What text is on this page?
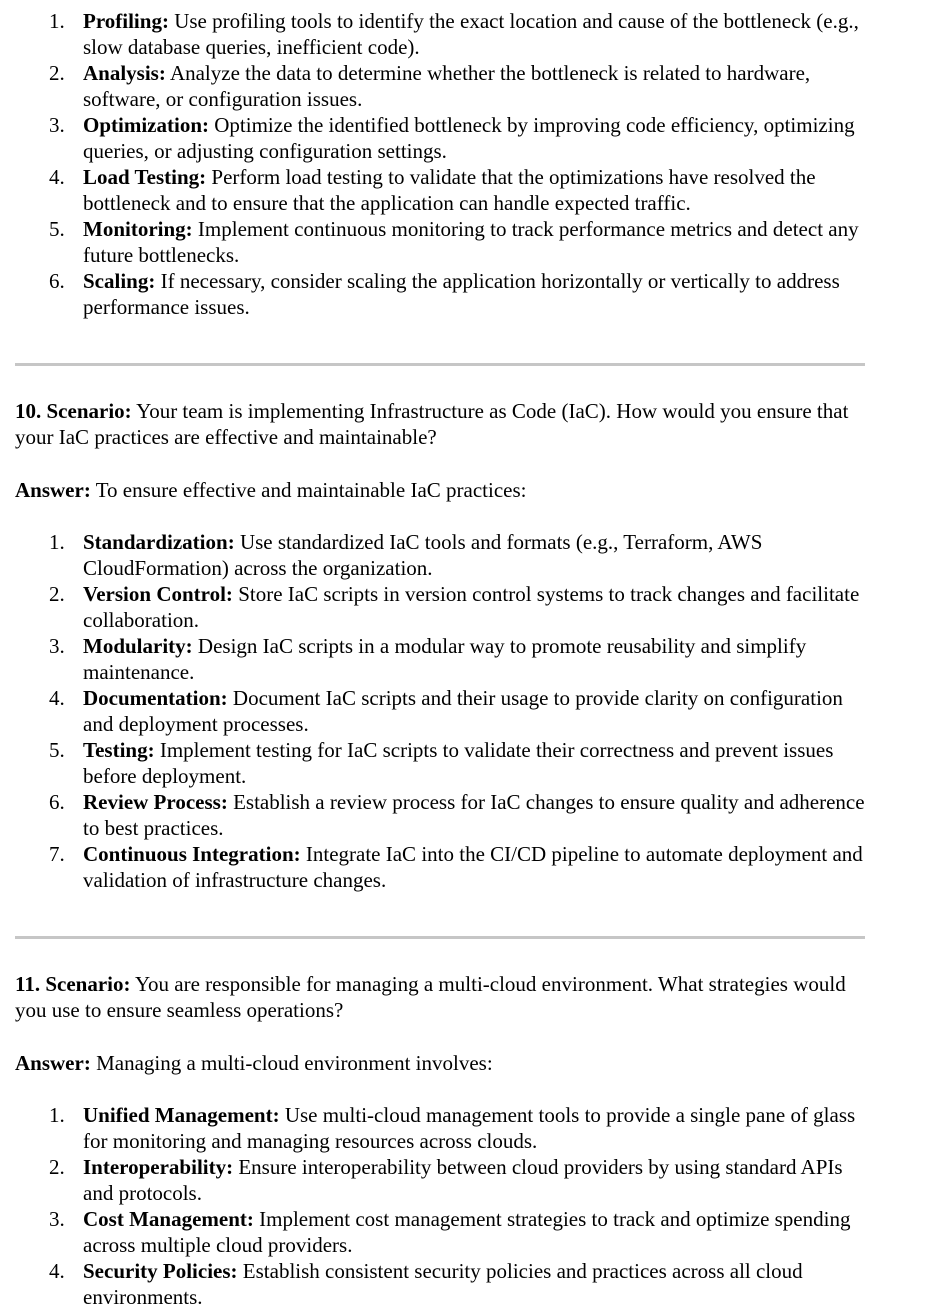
1. Profiling: Use profiling tools to identify the exact location and cause of the bottleneck (e.g., slow database queries, inefficient code).
2. Analysis: Analyze the data to determine whether the bottleneck is related to hardware, software, or configuration issues.
3. Optimization: Optimize the identified bottleneck by improving code efficiency, optimizing queries, or adjusting configuration settings.
4. Load Testing: Perform load testing to validate that the optimizations have resolved the bottleneck and to ensure that the application can handle expected traffic.
5. Monitoring: Implement continuous monitoring to track performance metrics and detect any future bottlenecks.
6. Scaling: If necessary, consider scaling the application horizontally or vertically to address performance issues.

10. Scenario: Your team is implementing Infrastructure as Code (IaC). How would you ensure that your IaC practices are effective and maintainable?

Answer: To ensure effective and maintainable IaC practices:

1. Standardization: Use standardized IaC tools and formats (e.g., Terraform, AWS CloudFormation) across the organization.
2. Version Control: Store IaC scripts in version control systems to track changes and facilitate collaboration.
3. Modularity: Design IaC scripts in a modular way to promote reusability and simplify maintenance.
4. Documentation: Document IaC scripts and their usage to provide clarity on configuration and deployment processes.
5. Testing: Implement testing for IaC scripts to validate their correctness and prevent issues before deployment.
6. Review Process: Establish a review process for IaC changes to ensure quality and adherence to best practices.
7. Continuous Integration: Integrate IaC into the CI/CD pipeline to automate deployment and validation of infrastructure changes.

11. Scenario: You are responsible for managing a multi-cloud environment. What strategies would you use to ensure seamless operations?

Answer: Managing a multi-cloud environment involves:

1. Unified Management: Use multi-cloud management tools to provide a single pane of glass for monitoring and managing resources across clouds.
2. Interoperability: Ensure interoperability between cloud providers by using standard APIs and protocols.
3. Cost Management: Implement cost management strategies to track and optimize spending across multiple cloud providers.
4. Security Policies: Establish consistent security policies and practices across all cloud environments.
